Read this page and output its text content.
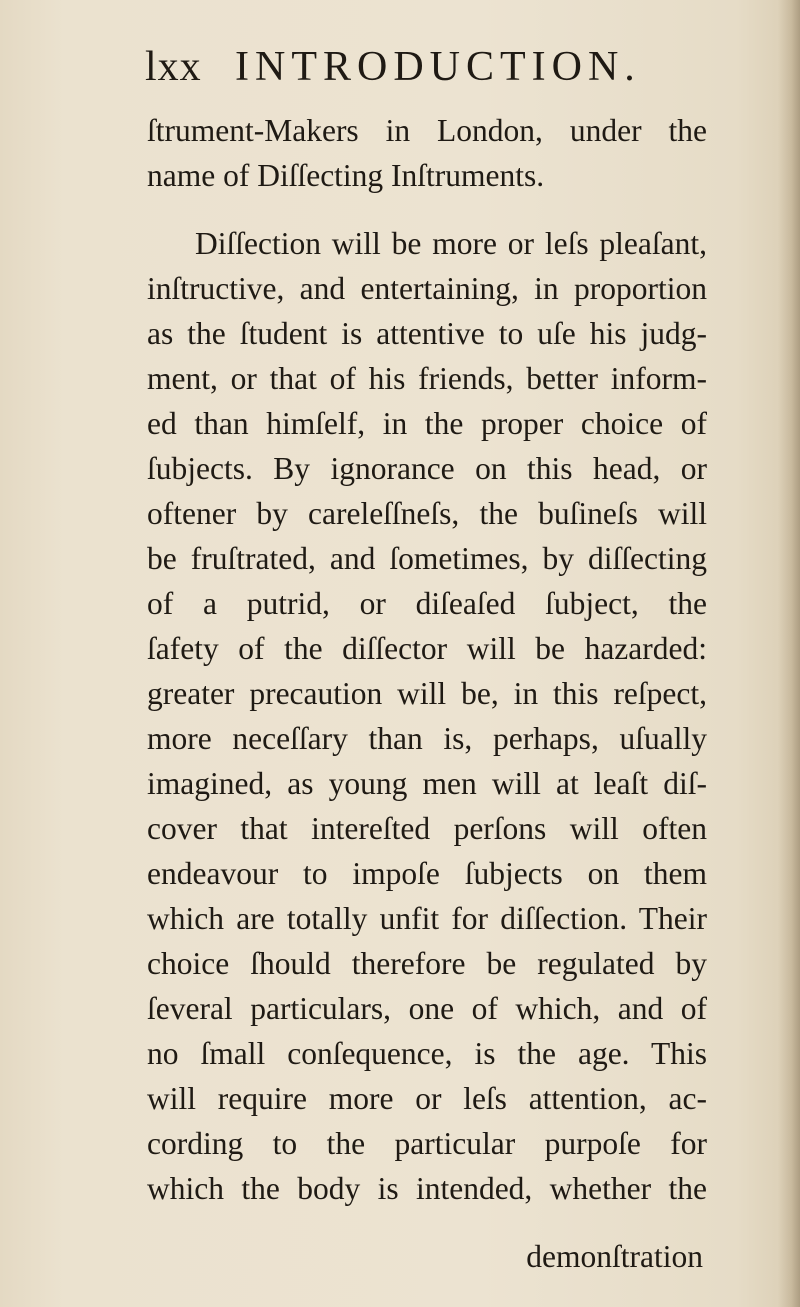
lxx INTRODUCTION.
ſtrument-Makers in London, under the
name of Diſſecting Inſtruments.
Diſſection will be more or leſs pleaſant,
inſtructive, and entertaining, in proportion
as the ſtudent is attentive to uſe his judg-
ment, or that of his friends, better inform-
ed than himſelf, in the proper choice of
ſubjects. By ignorance on this head, or
oftener by careleſſneſs, the buſineſs will
be fruſtrated, and ſometimes, by diſſecting
of a putrid, or diſeaſed ſubject, the
ſafety of the diſſector will be hazarded:
greater precaution will be, in this reſpect,
more neceſſary than is, perhaps, uſually
imagined, as young men will at leaſt diſ-
cover that intereſted perſons will often
endeavour to impoſe ſubjects on them
which are totally unfit for diſſection. Their
choice ſhould therefore be regulated by
ſeveral particulars, one of which, and of
no ſmall conſequence, is the age. This
will require more or leſs attention, ac-
cording to the particular purpoſe for
which the body is intended, whether the
demonſtration
